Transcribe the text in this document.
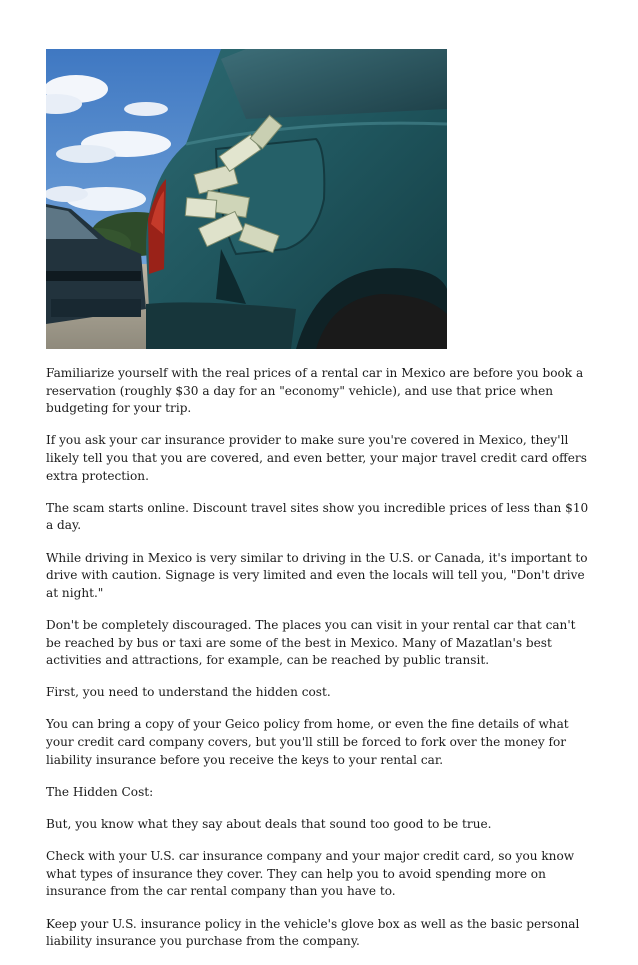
Familiarize yourself with the real prices of a rental car in Mexico are before you book a reservation (roughly $30 a day for an "economy" vehicle), and use that price when budgeting for your trip.

If you ask your car insurance provider to make sure you're covered in Mexico, they'll likely tell you that you are covered, and even better, your major travel credit card offers extra protection.

The scam starts online. Discount travel sites show you incredible prices of less than $10 a day.

While driving in Mexico is very similar to driving in the U.S. or Canada, it's important to drive with caution. Signage is very limited and even the locals will tell you, "Don't drive at night."

Don't be completely discouraged. The places you can visit in your rental car that can't be reached by bus or taxi are some of the best in Mexico. Many of Mazatlan's best activities and attractions, for example, can be reached by public transit.

First, you need to understand the hidden cost.

You can bring a copy of your Geico policy from home, or even the fine details of what your credit card company covers, but you'll still be forced to fork over the money for liability insurance before you receive the keys to your rental car.

The Hidden Cost:

But, you know what they say about deals that sound too good to be true.

Check with your U.S. car insurance company and your major credit card, so you know what types of insurance they cover. They can help you to avoid spending more on insurance from the car rental company than you have to.

Keep your U.S. insurance policy in the vehicle's glove box as well as the basic personal liability insurance you purchase from the company.
